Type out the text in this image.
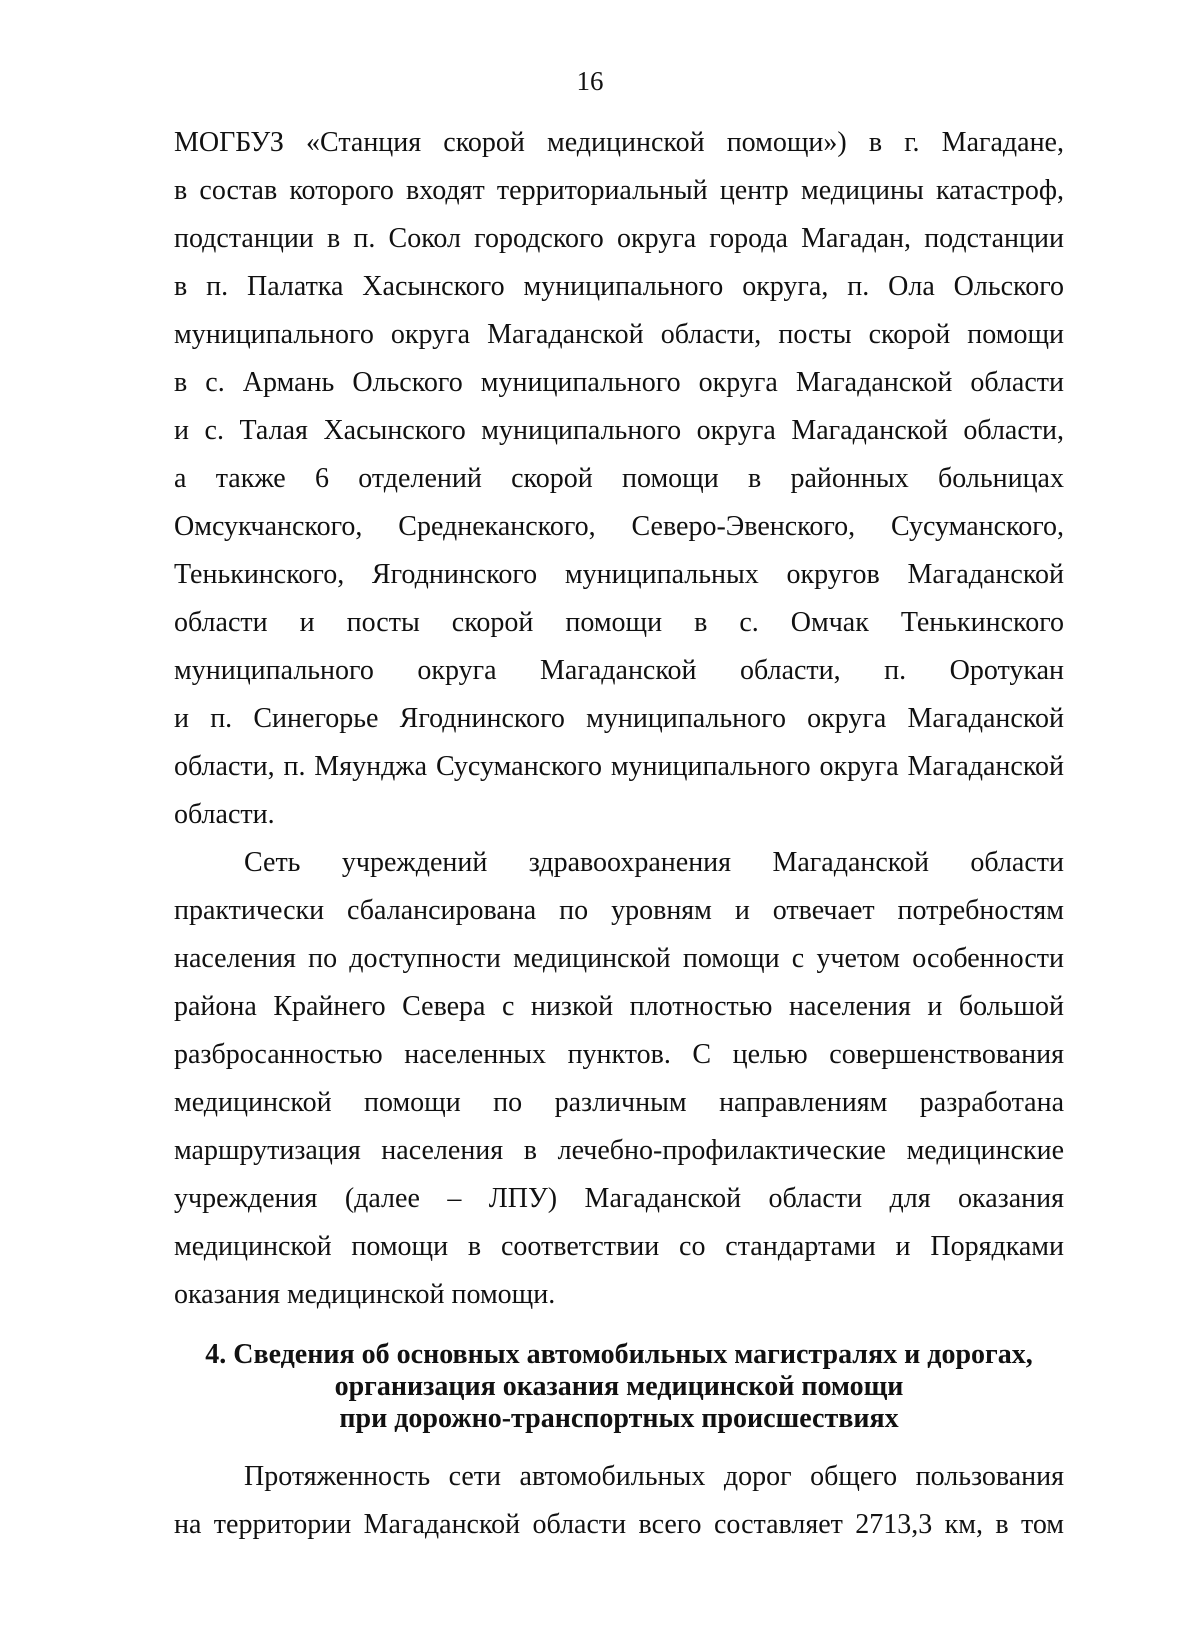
16
МОГБУЗ «Станция скорой медицинской помощи») в г. Магадане,
в состав которого входят территориальный центр медицины катастроф,
подстанции в п. Сокол городского округа города Магадан, подстанции
в п. Палатка Хасынского муниципального округа, п. Ола Ольского
муниципального округа Магаданской области, посты скорой помощи
в с. Армань Ольского муниципального округа Магаданской области
и с. Талая Хасынского муниципального округа Магаданской области,
а также 6 отделений скорой помощи в районных больницах
Омсукчанского, Среднеканского, Северо-Эвенского, Сусуманского,
Тенькинского, Ягоднинского муниципальных округов Магаданской
области и посты скорой помощи в с. Омчак Тенькинского
муниципального округа Магаданской области, п. Оротукан
и п. Синегорье Ягоднинского муниципального округа Магаданской
области, п. Мяунджа Сусуманского муниципального округа Магаданской
области.
Сеть учреждений здравоохранения Магаданской области
практически сбалансирована по уровням и отвечает потребностям
населения по доступности медицинской помощи с учетом особенности
района Крайнего Севера с низкой плотностью населения и большой
разбросанностью населенных пунктов. С целью совершенствования
медицинской помощи по различным направлениям разработана
маршрутизация населения в лечебно-профилактические медицинские
учреждения (далее – ЛПУ) Магаданской области для оказания
медицинской помощи в соответствии со стандартами и Порядками
оказания медицинской помощи.
4. Сведения об основных автомобильных магистралях и дорогах,
организация оказания медицинской помощи
при дорожно-транспортных происшествиях
Протяженность сети автомобильных дорог общего пользования
на территории Магаданской области всего составляет 2713,3 км, в том
